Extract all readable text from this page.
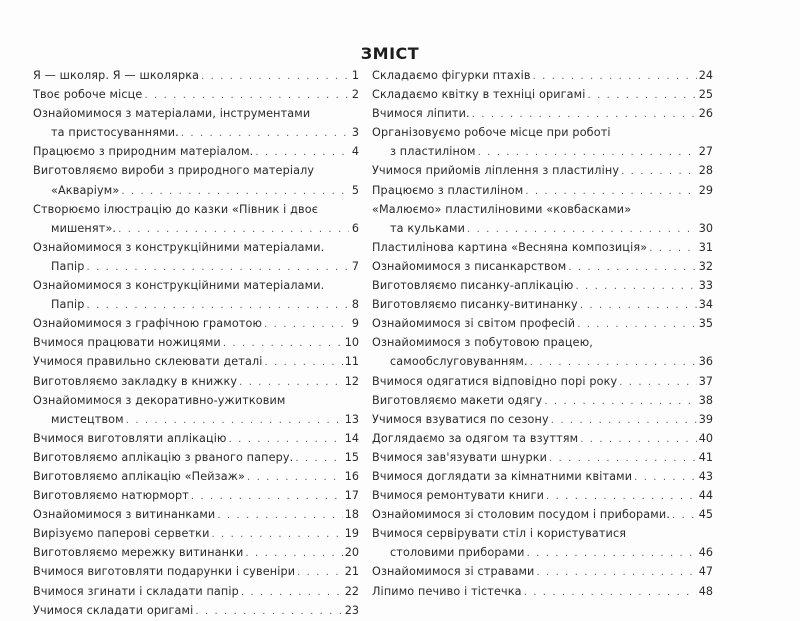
ЗМІСТ
Я — школяр. Я — школярка . . .	1
Твоє робоче місце . . .	2
Ознайомимося з матеріалами, інструментами
та пристосуваннями. . . .	3
Працюємо з природним матеріалом. . . .	4
Виготовляємо вироби з природного матеріалу
«Акваріум» . . .	5
Створюємо ілюстрацію до казки «Півник і двоє
мишенят». . . .	6
Ознайомимося з конструкційними матеріалами.
Папір . . .	7
Ознайомимося з конструкційними матеріалами.
Папір . . .	8
Ознайомимося з графічною грамотою . . .	9
Вчимося працювати ножицями . . .	10
Учимося правильно склеювати деталі . . .	11
Виготовляємо закладку в книжку . . .	12
Ознайомимося з декоративно-ужитковим
мистецтвом . . .	13
Вчимося виготовляти аплікацію . . .	14
Виготовляємо аплікацію з рваного паперу. . . .	15
Виготовляємо аплікацію «Пейзаж» . . .	16
Виготовляємо натюрморт . . .	17
Ознайомимося з витинанками . . .	18
Вирізуємо паперові серветки . . .	19
Виготовляємо мережку витинанки . . .	20
Вчимося виготовляти подарунки і сувеніри . . .	21
Вчимося згинати і складати папір . . .	22
Учимося складати оригамі . . .	23
Складаємо фігурки птахів . . .	24
Складаємо квітку в техніці оригамі . . .	25
Вчимося ліпити. . . .	26
Організовуємо робоче місце при роботі
з пластиліном . . .	27
Учимося прийомів ліплення з пластиліну . . .	28
Працюємо з пластиліном . . .	29
«Малюємо» пластиліновими «ковбасками»
та кульками . . .	30
Пластилінова картина «Весняна композиція» . . .	31
Ознайомимося з писанкарством . . .	32
Виготовляємо писанку-аплікацію . . .	33
Виготовляємо писанку-витинанку . . .	34
Ознайомимося зі світом професій . . .	35
Ознайомимося з побутовою працею,
самообслуговуванням. . . .	36
Вчимося одягатися відповідно порі року . . .	37
Виготовляємо макети одягу . . .	38
Учимося взуватися по сезону . . .	39
Доглядаємо за одягом та взуттям . . .	40
Вчимося зав'язувати шнурки . . .	41
Вчимося доглядати за кімнатними квітами . . .	43
Вчимося ремонтувати книги . . .	44
Ознайомимося зі столовим посудом і приборами. . . .	45
Вчимося сервірувати стіл і користуватися
столовими приборами . . .	46
Ознайомимося зі стравами . . .	47
Ліпимо печиво і тістечка . . .	48
